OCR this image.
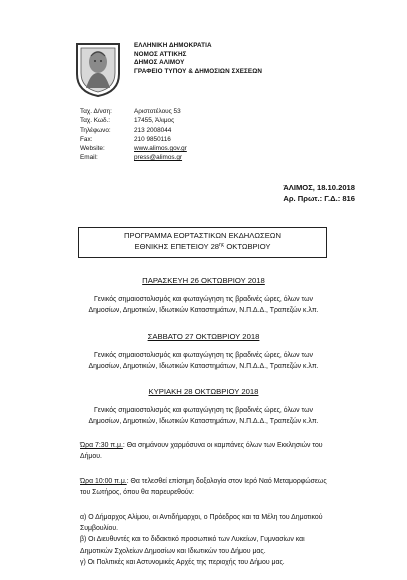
ΕΛΛΗΝΙΚΗ ΔΗΜΟΚΡΑΤΙΑ
ΝΟΜΟΣ ΑΤΤΙΚΗΣ
ΔΗΜΟΣ ΑΛΙΜΟΥ
ΓΡΑΦΕΙΟ ΤΥΠΟΥ & ΔΗΜΟΣΙΩΝ ΣΧΕΣΕΩΝ
Ταχ. Δ/νση:	Αριστοτέλους 53
Ταχ. Κωδ.:	17455, Άλιμος
Τηλέφωνο:	213 2008044
Fax:	210 9850116
Website:	www.alimos.gov.gr
Email:	press@alimos.gr
ΆΛΙΜΟΣ, 18.10.2018
Αρ. Πρωτ.: Γ.Δ.: 816
ΠΡΟΓΡΑΜΜΑ ΕΟΡΤΑΣΤΙΚΩΝ ΕΚΔΗΛΩΣΕΩΝ
ΕΘΝΙΚΗΣ ΕΠΕΤΕΙΟΥ $28^{\eta\varsigma}$ ΟΚΤΩΒΡΙΟΥ
ΠΑΡΑΣΚΕΥΗ 26 ΟΚΤΩΒΡΙΟΥ 2018
Γενικός σημαιοστολισμός και φωταγώγηση τις βραδινές ώρες, όλων των
Δημοσίων, Δημοτικών, Ιδιωτικών Καταστημάτων, Ν.Π.Δ.Δ., Τραπεζών κ.λπ.
ΣΑΒΒΑΤΟ 27 ΟΚΤΩΒΡΙΟΥ 2018
Γενικός σημαιοστολισμός και φωταγώγηση τις βραδινές ώρες, όλων των
Δημοσίων, Δημοτικών, Ιδιωτικών Καταστημάτων, Ν.Π.Δ.Δ., Τραπεζών κ.λπ.
ΚΥΡΙΑΚΗ 28 ΟΚΤΩΒΡΙΟΥ 2018
Γενικός σημαιοστολισμός και φωταγώγηση τις βραδινές ώρες, όλων των
Δημοσίων, Δημοτικών, Ιδιωτικών Καταστημάτων, Ν.Π.Δ.Δ., Τραπεζών κ.λπ.
Ώρα 7:30 π.μ.: Θα σημάνουν χαρμόσυνα οι καμπάνες όλων των Εκκλησιών του
Δήμου.
Ώρα 10:00 π.μ.: Θα τελεσθεί επίσημη δοξολογία στον Ιερό Ναό Μεταμορφώσεως
του Σωτήρος, όπου θα παρευρεθούν:
α) Ο Δήμαρχος Αλίμου, οι Αντιδήμαρχοι, ο Πρόεδρος και τα Μέλη του Δημοτικού
Συμβουλίου.
β) Οι Διευθυντές και το διδακτικό προσωπικό των Λυκείων, Γυμνασίων και
Δημοτικών Σχολείων Δημοσίων και Ιδιωτικών του Δήμου μας.
γ) Οι Πολιτικές και Αστυνομικές Αρχές της περιοχής του Δήμου μας.
